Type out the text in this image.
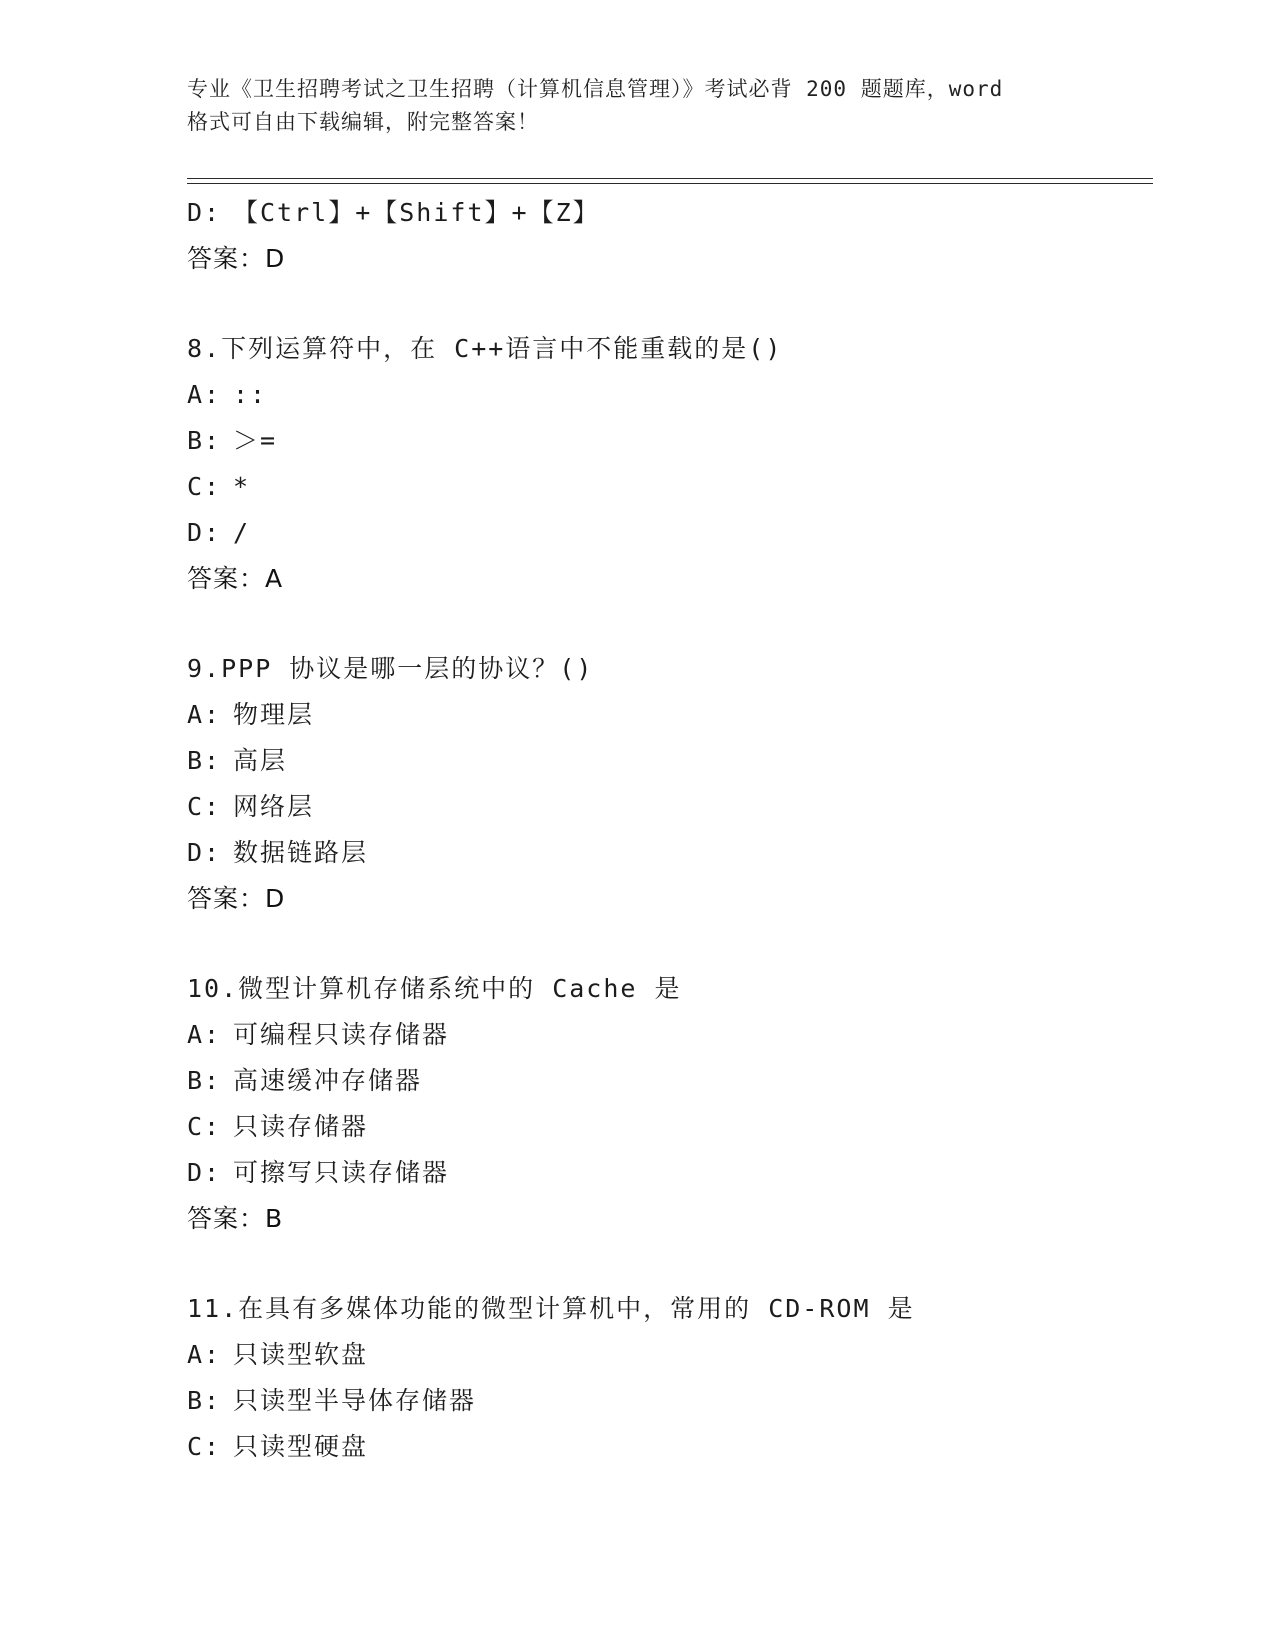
专业《卫生招聘考试之卫生招聘（计算机信息管理）》考试必背 200 题题库，word
格式可自由下载编辑，附完整答案！
D: 【Ctrl】+【Shift】+【Z】
答案：D
8.下列运算符中，在 C++语言中不能重载的是()
A: ::
B: ＞=
C: *
D: /
答案：A
9.PPP 协议是哪一层的协议？()
A: 物理层
B: 高层
C: 网络层
D: 数据链路层
答案：D
10.微型计算机存储系统中的 Cache 是
A: 可编程只读存储器
B: 高速缓冲存储器
C: 只读存储器
D: 可擦写只读存储器
答案：B
11.在具有多媒体功能的微型计算机中，常用的 CD-ROM 是
A: 只读型软盘
B: 只读型半导体存储器
C: 只读型硬盘
